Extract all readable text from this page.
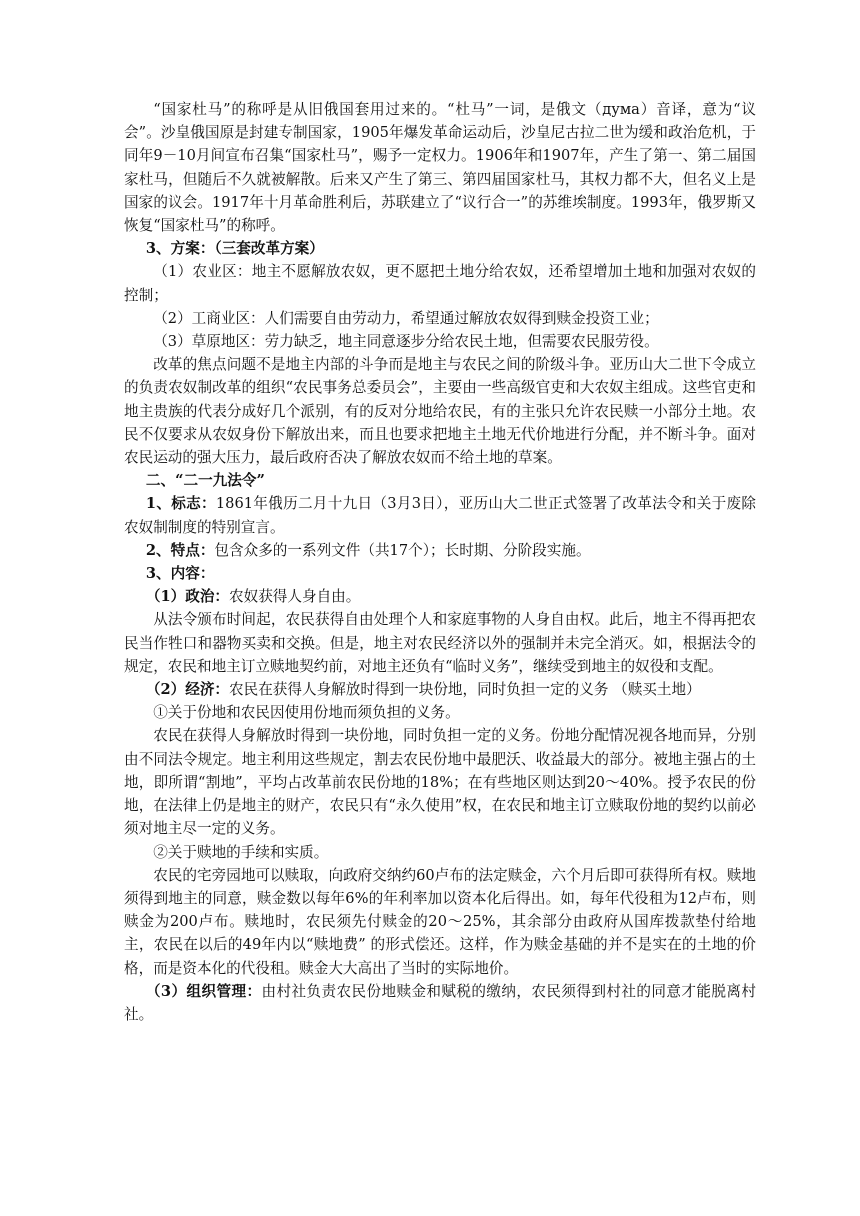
“国家杜马”的称呼是从旧俄国套用过来的。“杜马”一词，是俄文（дума）音译，意为“议会”。沙皇俄国原是封建专制国家，1905年爆发革命运动后，沙皇尼古拉二世为缓和政治危机，于同年9－10月间宣布召集“国家杜马”，赐予一定权力。1906年和1907年，产生了第一、第二届国家杜马，但随后不久就被解散。后来又产生了第三、第四届国家杜马，其权力都不大，但名义上是国家的议会。1917年十月革命胜利后，苏联建立了“议行合一”的苏维埃制度。1993年，俄罗斯又恢复“国家杜马”的称呼。

3、方案：（三套改革方案）

（1）农业区：地主不愿解放农奴，更不愿把土地分给农奴，还希望增加土地和加强对农奴的控制；

（2）工商业区：人们需要自由劳动力，希望通过解放农奴得到赎金投资工业；

（3）草原地区：劳力缺乏，地主同意逐步分给农民土地，但需要农民服劳役。

改革的焦点问题不是地主内部的斗争而是地主与农民之间的阶级斗争。亚历山大二世下令成立的负责农奴制改革的组织“农民事务总委员会”，主要由一些高级官吏和大农奴主组成。这些官吏和地主贵族的代表分成好几个派别，有的反对分地给农民，有的主张只允许农民赎一小部分土地。农民不仅要求从农奴身份下解放出来，而且也要求把地主土地无代价地进行分配，并不断斗争。面对农民运动的强大压力，最后政府否决了解放农奴而不给土地的草案。

二、“二一九法令”

1、标志：1861年俄历二月十九日（3月3日），亚历山大二世正式签署了改革法令和关于废除农奴制制度的特别宣言。

2、特点：包含众多的一系列文件（共17个）；长时期、分阶段实施。

3、内容：

（1）政治：农奴获得人身自由。

从法令颁布时间起，农民获得自由处理个人和家庭事物的人身自由权。此后，地主不得再把农民当作牲口和器物买卖和交换。但是，地主对农民经济以外的强制并未完全消灭。如，根据法令的规定，农民和地主订立赎地契约前，对地主还负有“临时义务”，继续受到地主的奴役和支配。

（2）经济：农民在获得人身解放时得到一块份地，同时负担一定的义务 （赎买土地）

①关于份地和农民因使用份地而须负担的义务。

农民在获得人身解放时得到一块份地，同时负担一定的义务。份地分配情况视各地而异，分别由不同法令规定。地主利用这些规定，割去农民份地中最肥沃、收益最大的部分。被地主强占的土地，即所谓“割地”，平均占改革前农民份地的18%；在有些地区则达到20～40%。授予农民的份地，在法律上仍是地主的财产，农民只有“永久使用”权，在农民和地主订立赎取份地的契约以前必须对地主尽一定的义务。

②关于赎地的手续和实质。

农民的宅旁园地可以赎取，向政府交纳约60卢布的法定赎金，六个月后即可获得所有权。赎地须得到地主的同意，赎金数以每年6%的年利率加以资本化后得出。如，每年代役租为12卢布，则赎金为200卢布。赎地时，农民须先付赎金的20～25%，其余部分由政府从国库拨款垫付给地主，农民在以后的49年内以“赎地费” 的形式偿还。这样，作为赎金基础的并不是实在的土地的价格，而是资本化的代役租。赎金大大高出了当时的实际地价。

（3）组织管理：由村社负责农民份地赎金和赋税的缴纳，农民须得到村社的同意才能脱离村社。
